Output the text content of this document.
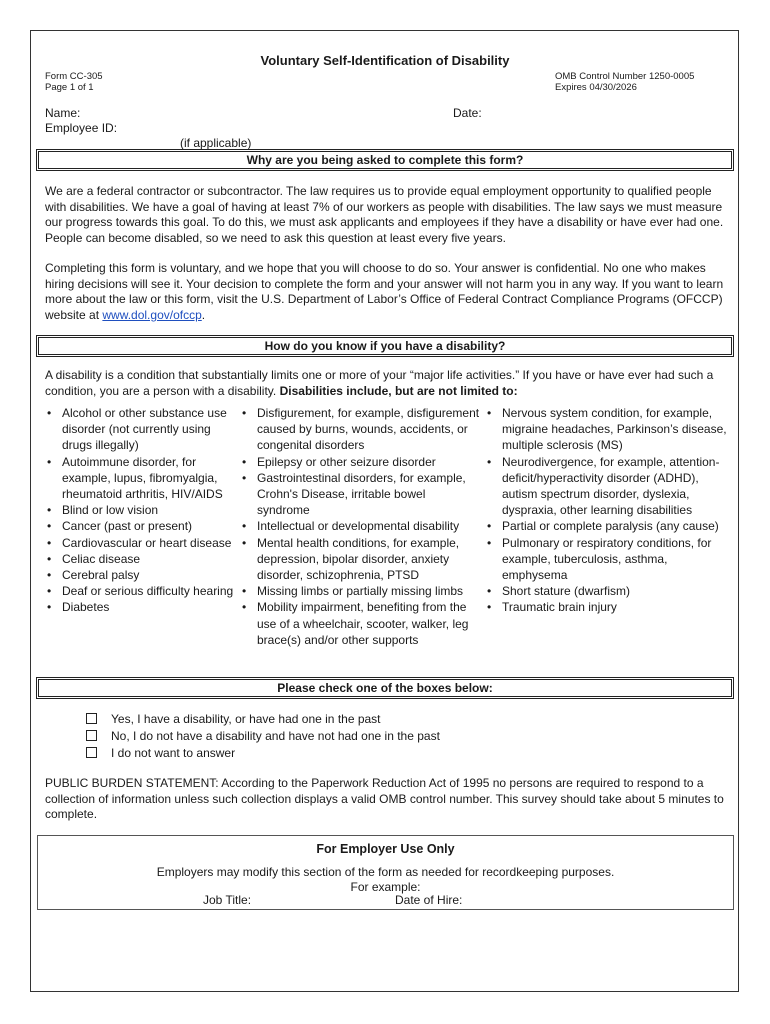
Voluntary Self-Identification of Disability
Form CC-305
Page 1 of 1
OMB Control Number 1250-0005
Expires 04/30/2026
Name:	Date:
Employee ID:
(if applicable)
Why are you being asked to complete this form?
We are a federal contractor or subcontractor. The law requires us to provide equal employment opportunity to qualified people with disabilities. We have a goal of having at least 7% of our workers as people with disabilities. The law says we must measure our progress towards this goal. To do this, we must ask applicants and employees if they have a disability or have ever had one. People can become disabled, so we need to ask this question at least every five years.
Completing this form is voluntary, and we hope that you will choose to do so. Your answer is confidential. No one who makes hiring decisions will see it. Your decision to complete the form and your answer will not harm you in any way. If you want to learn more about the law or this form, visit the U.S. Department of Labor’s Office of Federal Contract Compliance Programs (OFCCP) website at www.dol.gov/ofccp.
How do you know if you have a disability?
A disability is a condition that substantially limits one or more of your “major life activities.” If you have or have ever had such a condition, you are a person with a disability. Disabilities include, but are not limited to:
• Alcohol or other substance use disorder (not currently using drugs illegally)
• Autoimmune disorder, for example, lupus, fibromyalgia, rheumatoid arthritis, HIV/AIDS
• Blind or low vision
• Cancer (past or present)
• Cardiovascular or heart disease
• Celiac disease
• Cerebral palsy
• Deaf or serious difficulty hearing
• Diabetes
• Disfigurement, for example, disfigurement caused by burns, wounds, accidents, or congenital disorders
• Epilepsy or other seizure disorder
• Gastrointestinal disorders, for example, Crohn's Disease, irritable bowel syndrome
• Intellectual or developmental disability
• Mental health conditions, for example, depression, bipolar disorder, anxiety disorder, schizophrenia, PTSD
• Missing limbs or partially missing limbs
• Mobility impairment, benefiting from the use of a wheelchair, scooter, walker, leg brace(s) and/or other supports
• Nervous system condition, for example, migraine headaches, Parkinson’s disease, multiple sclerosis (MS)
• Neurodivergence, for example, attention-deficit/hyperactivity disorder (ADHD), autism spectrum disorder, dyslexia, dyspraxia, other learning disabilities
• Partial or complete paralysis (any cause)
• Pulmonary or respiratory conditions, for example, tuberculosis, asthma, emphysema
• Short stature (dwarfism)
• Traumatic brain injury
Please check one of the boxes below:
Yes, I have a disability, or have had one in the past
No, I do not have a disability and have not had one in the past
I do not want to answer
PUBLIC BURDEN STATEMENT: According to the Paperwork Reduction Act of 1995 no persons are required to respond to a collection of information unless such collection displays a valid OMB control number. This survey should take about 5 minutes to complete.
For Employer Use Only
Employers may modify this section of the form as needed for recordkeeping purposes.
For example:
Job Title:	Date of Hire:
